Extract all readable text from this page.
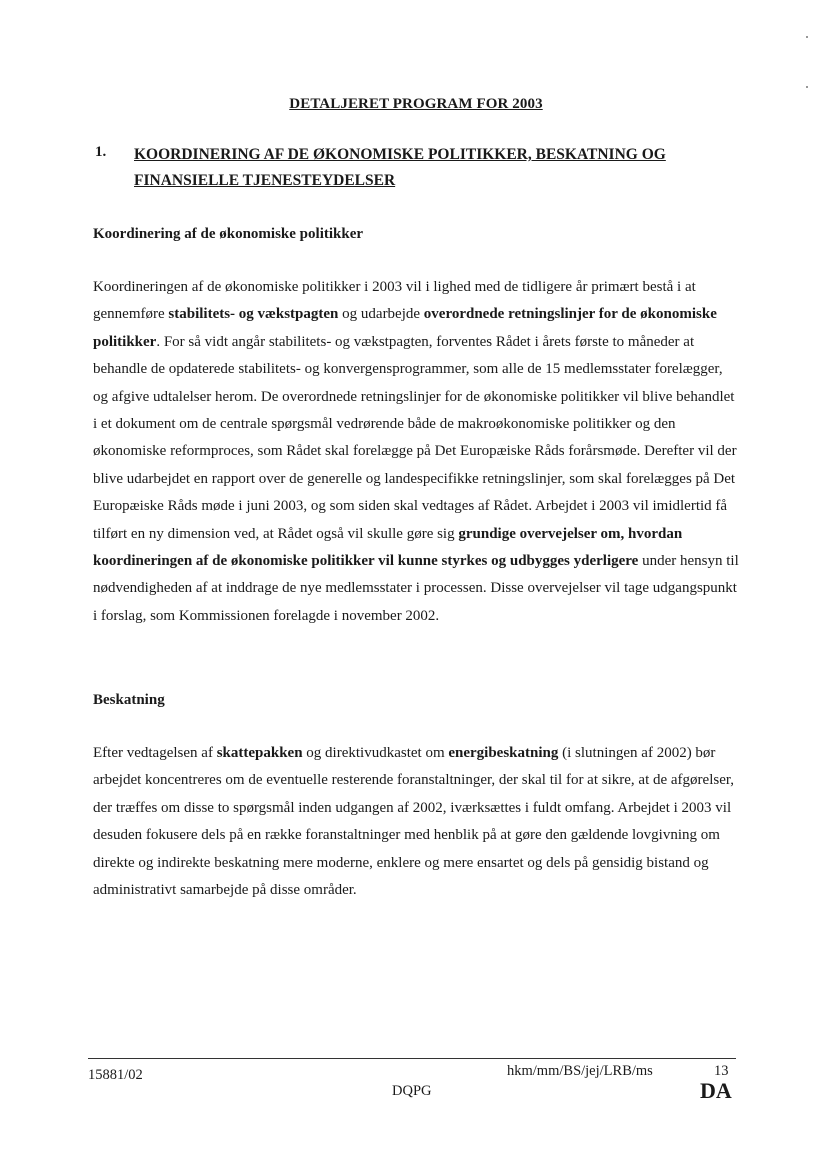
DETALJERET PROGRAM FOR 2003
1. KOORDINERING AF DE ØKONOMISKE POLITIKKER, BESKATNING OG FINANSIELLE TJENESTEYDELSER
Koordinering af de økonomiske politikker
Koordineringen af de økonomiske politikker i 2003 vil i lighed med de tidligere år primært bestå i at gennemføre stabilitets- og vækstpagten og udarbejde overordnede retningslinjer for de økonomiske politikker. For så vidt angår stabilitets- og vækstpagten, forventes Rådet i årets første to måneder at behandle de opdaterede stabilitets- og konvergensprogrammer, som alle de 15 medlemsstater forelægger, og afgive udtalelser herom. De overordnede retningslinjer for de økonomiske politikker vil blive behandlet i et dokument om de centrale spørgsmål vedrørende både de makroøkonomiske politikker og den økonomiske reformproces, som Rådet skal forelægge på Det Europæiske Råds forårsmøde. Derefter vil der blive udarbejdet en rapport over de generelle og landespecifikke retningslinjer, som skal forelægges på Det Europæiske Råds møde i juni 2003, og som siden skal vedtages af Rådet. Arbejdet i 2003 vil imidlertid få tilført en ny dimension ved, at Rådet også vil skulle gøre sig grundige overvejelser om, hvordan koordineringen af de økonomiske politikker vil kunne styrkes og udbygges yderligere under hensyn til nødvendigheden af at inddrage de nye medlemsstater i processen. Disse overvejelser vil tage udgangspunkt i forslag, som Kommissionen forelagde i november 2002.
Beskatning
Efter vedtagelsen af skattepakken og direktivudkastet om energibeskatning (i slutningen af 2002) bør arbejdet koncentreres om de eventuelle resterende foranstaltninger, der skal til for at sikre, at de afgørelser, der træffes om disse to spørgsmål inden udgangen af 2002, iværksættes i fuldt omfang. Arbejdet i 2003 vil desuden fokusere dels på en række foranstaltninger med henblik på at gøre den gældende lovgivning om direkte og indirekte beskatning mere moderne, enklere og mere ensartet og dels på gensidig bistand og administrativt samarbejde på disse områder.
15881/02	hkm/mm/BS/jej/LRB/ms	13
DQPG	DA
